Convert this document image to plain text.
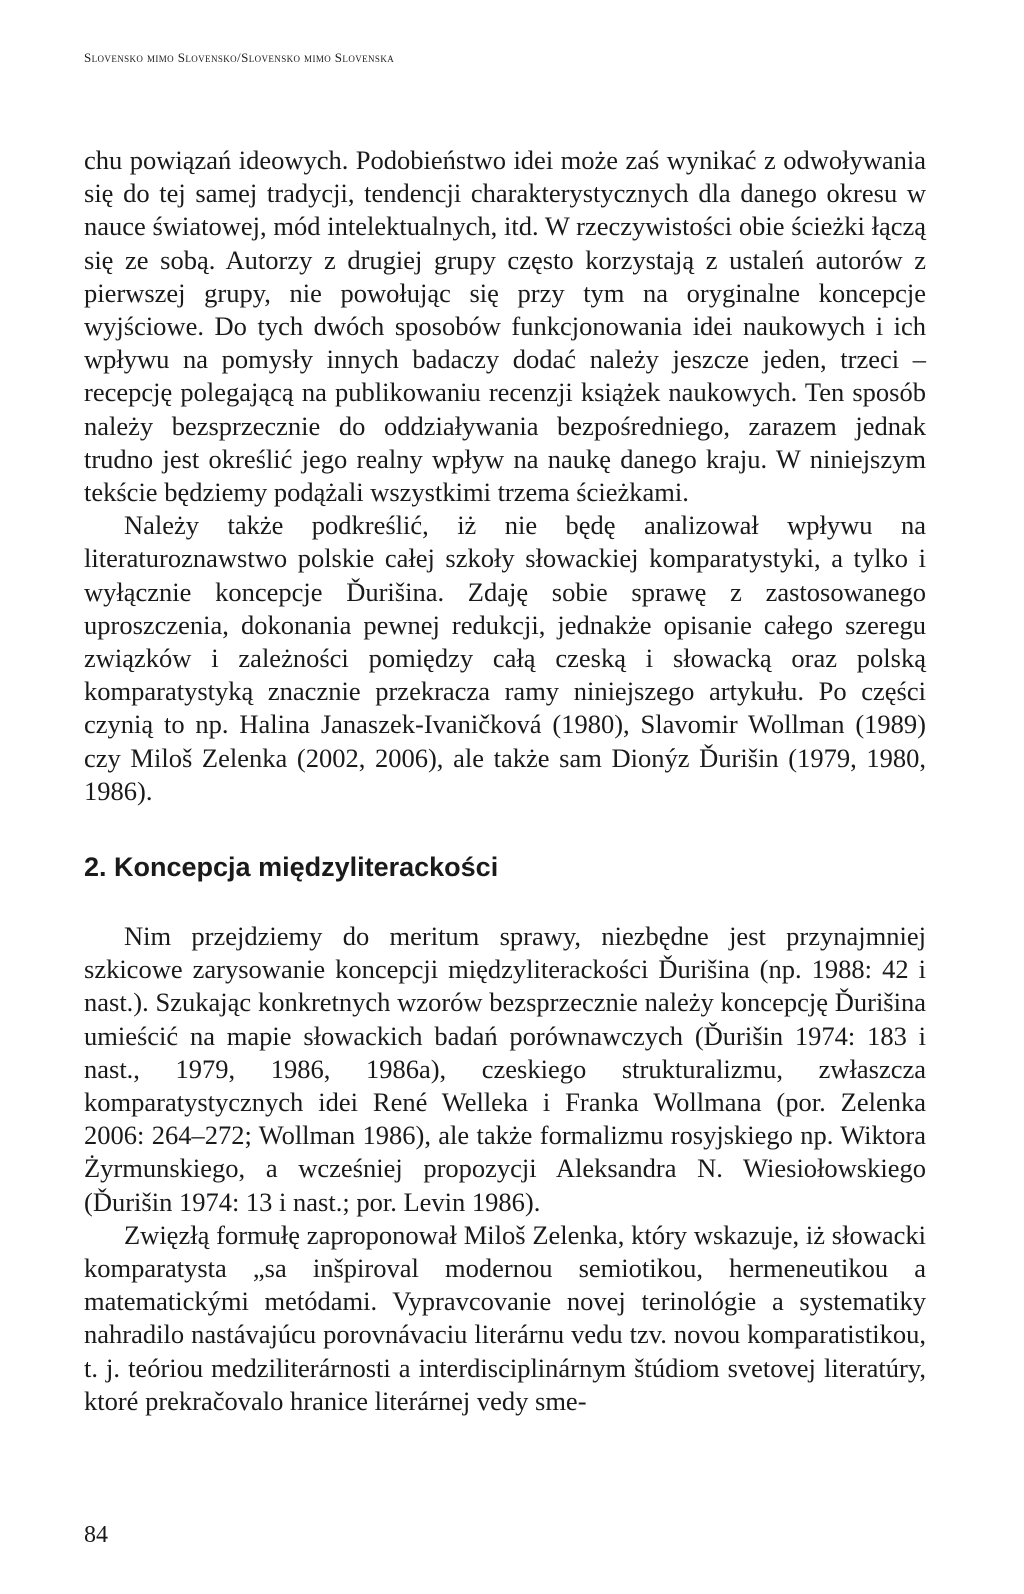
Slovensko mimo Slovensko/Slovensko mimo Slovenska

chu powiązań ideowych. Podobieństwo idei może zaś wynikać z odwoływania się do tej samej tradycji, tendencji charakterystycznych dla danego okresu w nauce światowej, mód intelektualnych, itd. W rzeczywistości obie ścieżki łączą się ze sobą. Autorzy z drugiej grupy często korzystają z ustaleń autorów z pierwszej grupy, nie powołując się przy tym na oryginalne koncepcje wyjściowe. Do tych dwóch sposobów funkcjonowania idei naukowych i ich wpływu na pomysły innych badaczy dodać należy jeszcze jeden, trzeci – recepcję polegającą na publikowaniu recenzji książek naukowych. Ten sposób należy bezsprzecznie do oddziaływania bezpośredniego, zarazem jednak trudno jest określić jego realny wpływ na naukę danego kraju. W niniejszym tekście będziemy podążali wszystkimi trzema ścieżkami.

Należy także podkreślić, iż nie będę analizował wpływu na literaturoznawstwo polskie całej szkoły słowackiej komparatystyki, a tylko i wyłącznie koncepcje Ďurišina. Zdaję sobie sprawę z zastosowanego uproszczenia, dokonania pewnej redukcji, jednakże opisanie całego szeregu związków i zależności pomiędzy całą czeską i słowacką oraz polską komparatystyką znacznie przekracza ramy niniejszego artykułu. Po części czynią to np. Halina Janaszek-Ivaničková (1980), Slavomir Wollman (1989) czy Miloš Zelenka (2002, 2006), ale także sam Dionýz Ďurišin (1979, 1980, 1986).

2. Koncepcja międzyliterackości

Nim przejdziemy do meritum sprawy, niezbędne jest przynajmniej szkicowe zarysowanie koncepcji międzyliterackości Ďurišina (np. 1988: 42 i nast.). Szukając konkretnych wzorów bezsprzecznie należy koncepcję Ďurišina umieścić na mapie słowackich badań porównawczych (Ďurišin 1974: 183 i nast., 1979, 1986, 1986a), czeskiego strukturalizmu, zwłaszcza komparatystycznych idei René Welleka i Franka Wollmana (por. Zelenka 2006: 264–272; Wollman 1986), ale także formalizmu rosyjskiego np. Wiktora Żyrmunskiego, a wcześniej propozycji Aleksandra N. Wiesiołowskiego (Ďurišin 1974: 13 i nast.; por. Levin 1986).

Zwięzłą formułę zaproponował Miloš Zelenka, który wskazuje, iż słowacki komparatysta „sa inšpiroval modernou semiotikou, hermeneutikou a matematickými metódami. Vypravcovanie novej terinológie a systematiky nahradilo nastávajúcu porovnávaciu literárnu vedu tzv. novou komparatistikou, t. j. teóriou medziliterárnosti a interdisciplinárnym štúdiom svetovej literatúry, ktoré prekračovalo hranice literárnej vedy sme-

84
